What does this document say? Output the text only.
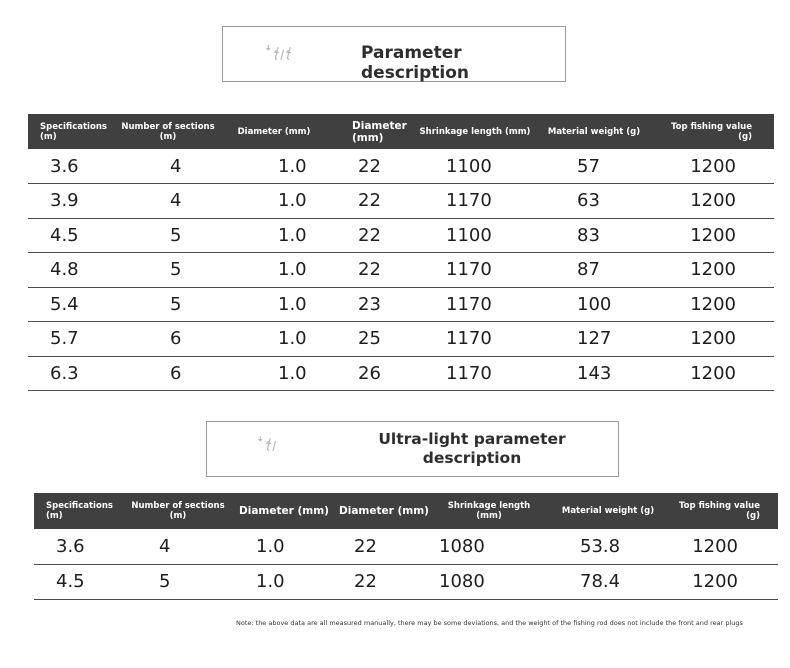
ꜜꞎꞁꞎ	Parameter description
Specifications (m)	Number of sections (m)	Diameter (mm)	Diameter (mm)	Shrinkage length (mm)	Material weight (g)	Top fishing value (g)
3.6	4	1.0	22	1100	57	1200
3.9	4	1.0	22	1170	63	1200
4.5	5	1.0	22	1100	83	1200
4.8	5	1.0	22	1170	87	1200
5.4	5	1.0	23	1170	100	1200
5.7	6	1.0	25	1170	127	1200
6.3	6	1.0	26	1170	143	1200
ꜜꞎꞁ	Ultra-light parameter description
Specifications (m)	Number of sections (m)	Diameter (mm)	Diameter (mm)	Shrinkage length (mm)	Material weight (g)	Top fishing value (g)
3.6	4	1.0	22	1080	53.8	1200
4.5	5	1.0	22	1080	78.4	1200
Note: the above data are all measured manually, there may be some deviations, and the weight of the fishing rod does not include the front and rear plugs
